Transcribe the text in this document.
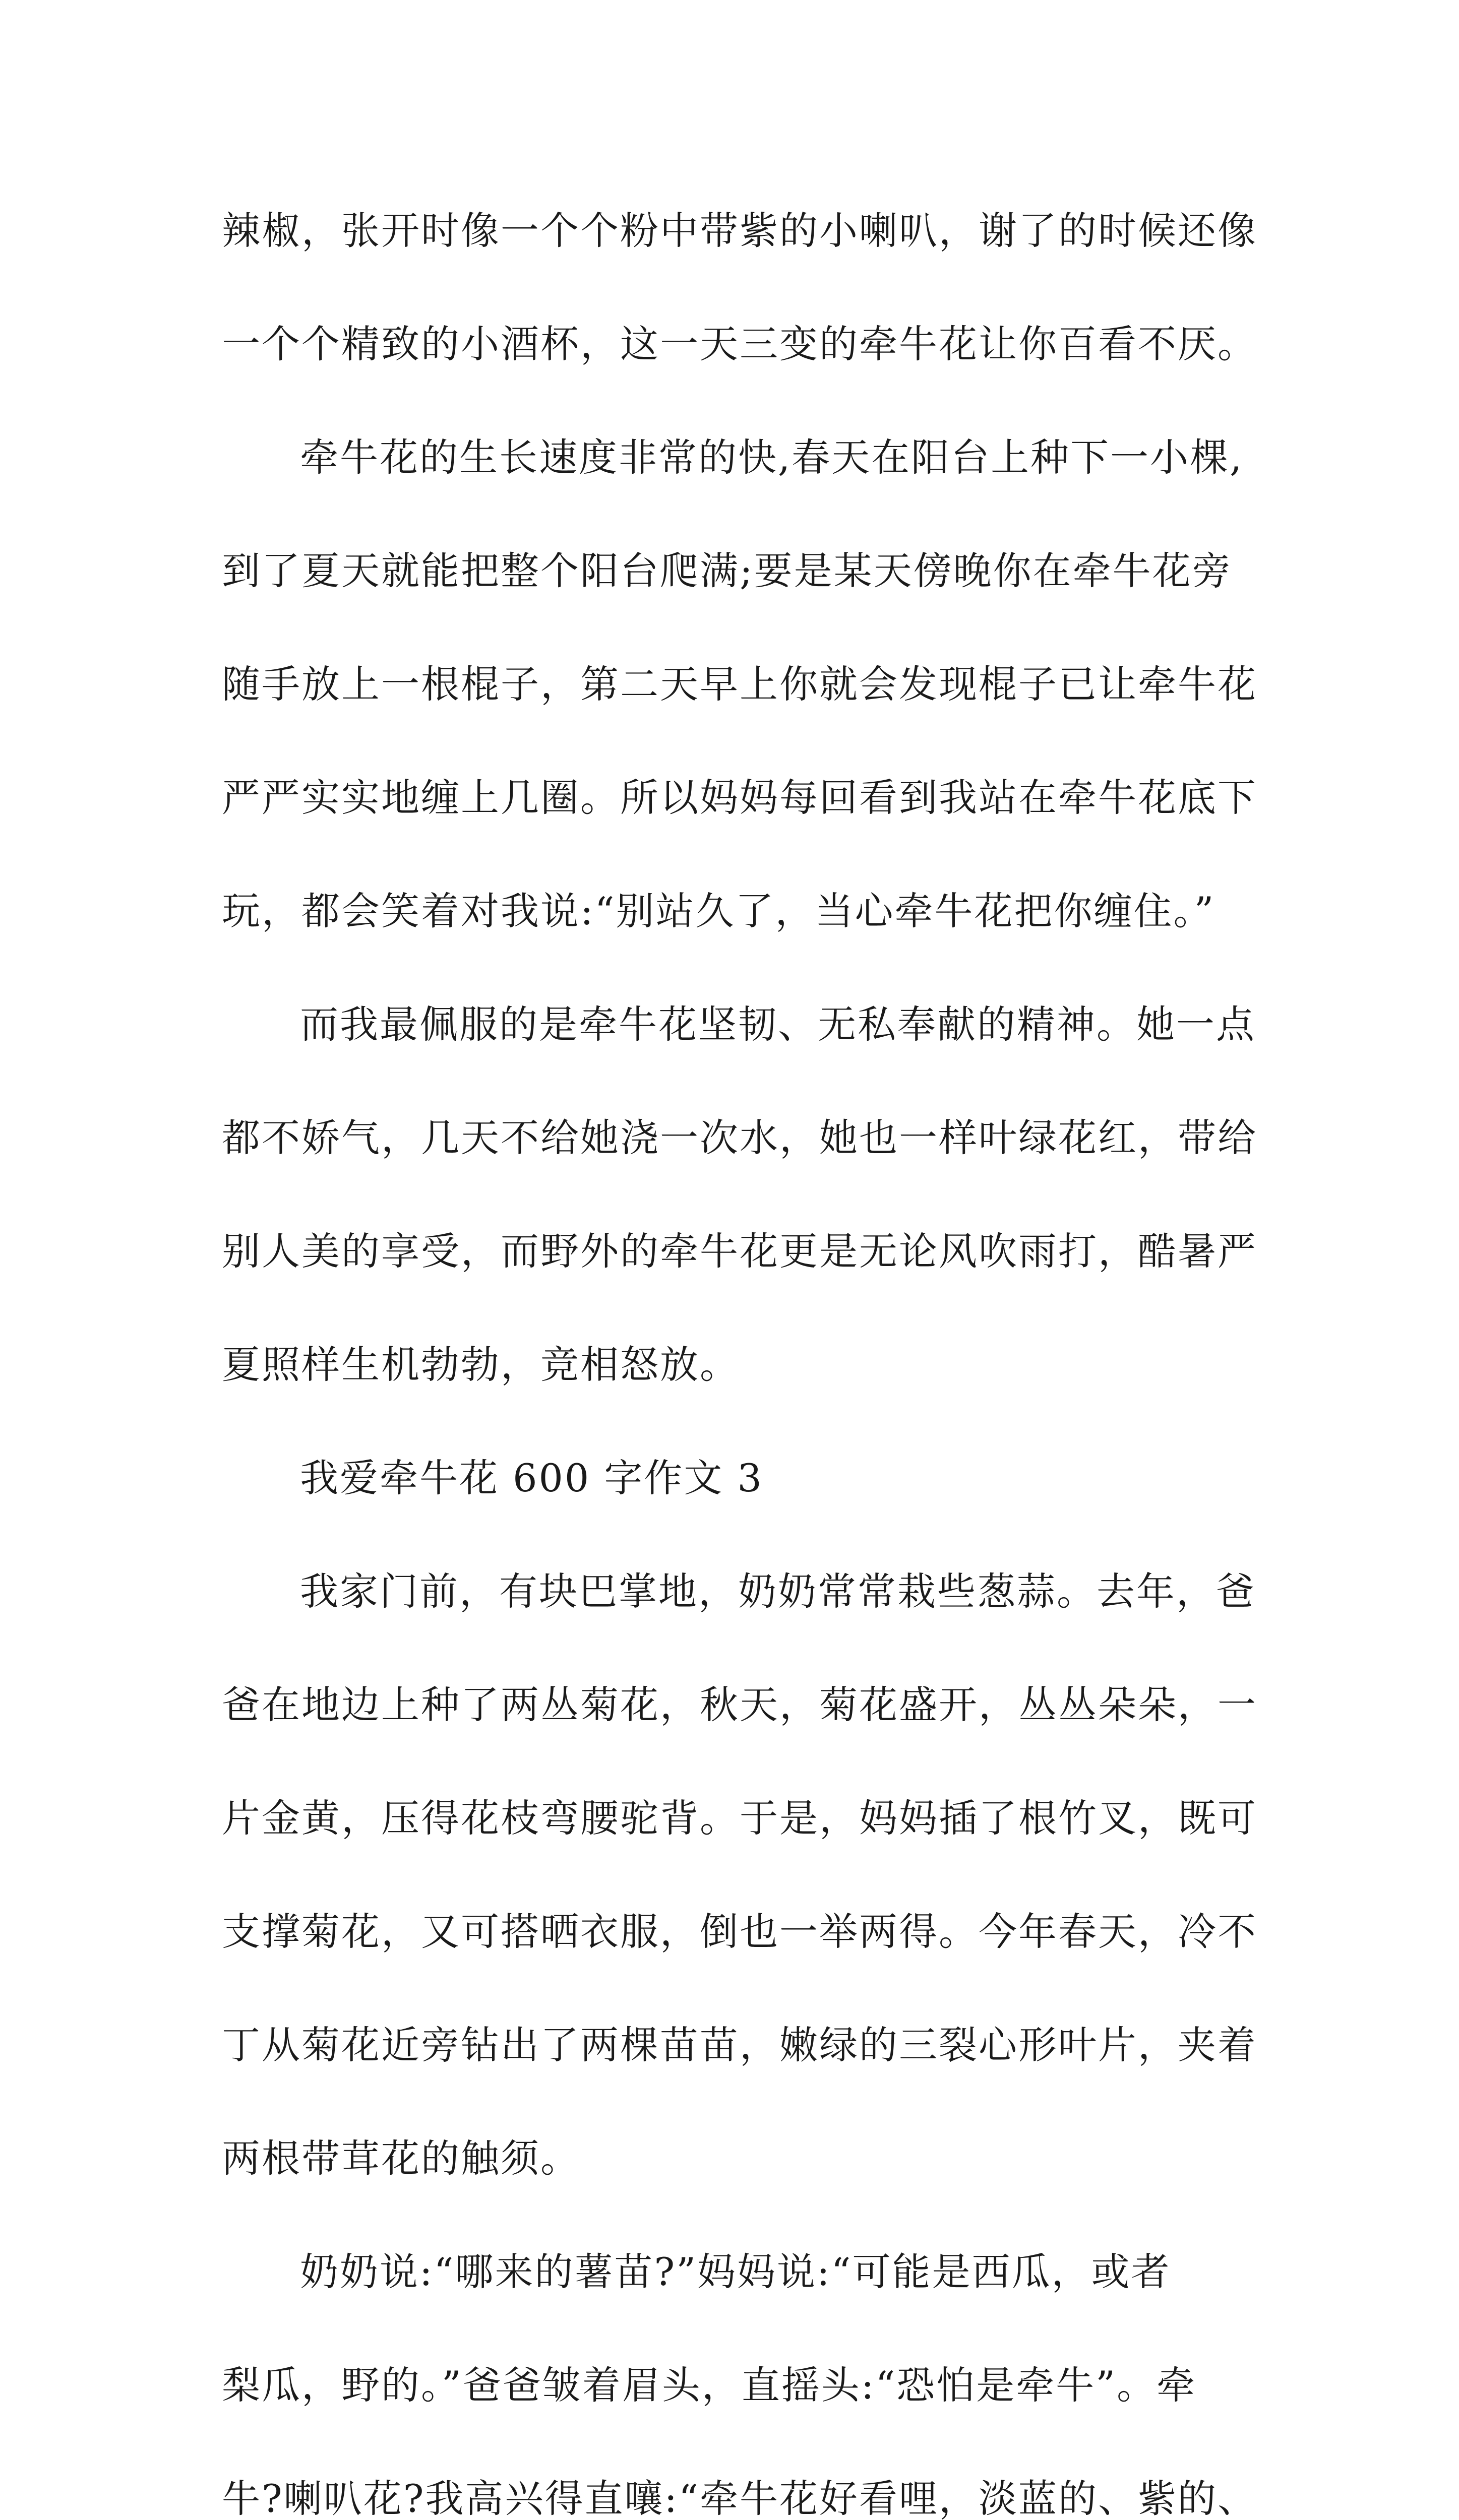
辣椒，张开时像一个个粉中带紫的小喇叭，谢了的时候还像
一个个精致的小酒杯，这一天三变的牵牛花让你百看不厌。
牵牛花的生长速度非常的快,春天在阳台上种下一小棵,
到了夏天就能把整个阳台爬满;要是某天傍晚你在牵牛花旁
随手放上一根棍子，第二天早上你就会发现棍子已让牵牛花
严严实实地缠上几圈。所以妈妈每回看到我站在牵牛花底下
玩，都会笑着对我说:“别站久了，当心牵牛花把你缠住。”
而我最佩服的是牵牛花坚韧、无私奉献的精神。她一点
都不娇气，几天不给她浇一次水，她也一样叶绿花红，带给
别人美的享受，而野外的牵牛花更是无论风吹雨打，酷暑严
夏照样生机勃勃，竞相怒放。
我爱牵牛花 600 字作文 3
我家门前，有块巴掌地，奶奶常常栽些葱蒜。去年，爸
爸在地边上种了两丛菊花，秋天，菊花盛开，丛丛朵朵，一
片金黄，压得花枝弯腰驼背。于是，妈妈插了根竹叉，既可
支撑菊花，又可搭晒衣服，倒也一举两得。今年春天，冷不
丁从菊花近旁钻出了两棵苗苗，嫩绿的三裂心形叶片，夹着
两根带茸花的触须。
奶奶说:“哪来的薯苗?”妈妈说:“可能是西瓜，或者
梨瓜，野的。”爸爸皱着眉头，直摇头:“恐怕是牵牛”。牵
牛?喇叭花?我高兴得直嚷:“牵牛花好看哩，淡蓝的、紫的、
